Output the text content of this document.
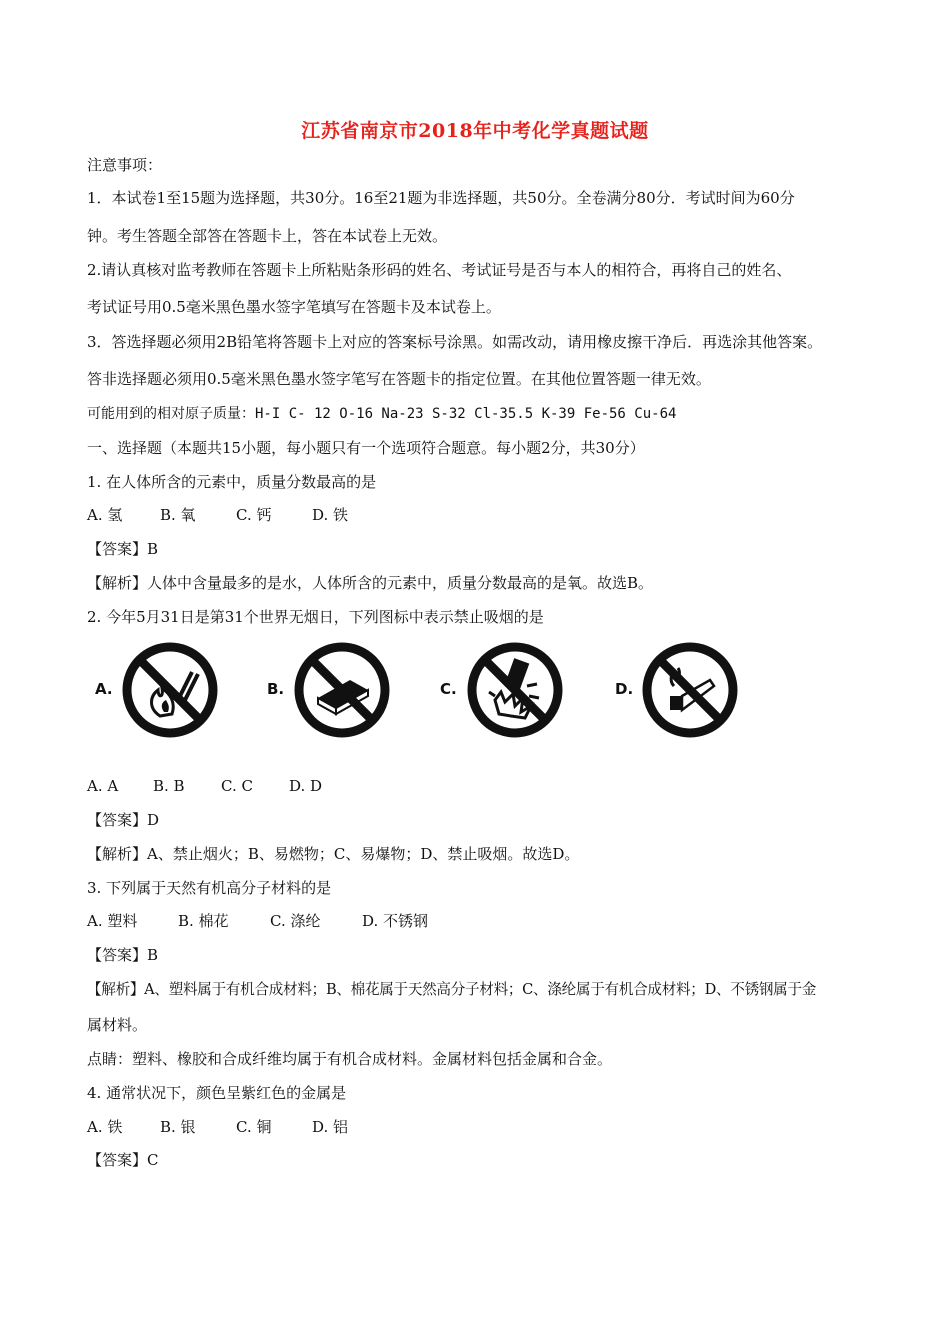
江苏省南京市2018年中考化学真题试题
注意事项：
1．本试卷1至15题为选择题，共30分。16至21题为非选择题，共50分。全卷满分80分．考试时间为60分
钟。考生答题全部答在答题卡上，答在本试卷上无效。
2.请认真核对监考教师在答题卡上所粘贴条形码的姓名、考试证号是否与本人的相符合，再将自己的姓名、
考试证号用0.5毫米黑色墨水签字笔填写在答题卡及本试卷上。
3．答选择题必须用2B铅笔将答题卡上对应的答案标号涂黑。如需改动，请用橡皮擦干净后．再选涂其他答案。
答非选择题必须用0.5毫米黑色墨水签字笔写在答题卡的指定位置。在其他位置答题一律无效。
可能用到的相对原子质量：H-I C- 12 O-16 Na-23 S-32 Cl-35.5 K-39 Fe-56 Cu-64
一、选择题（本题共15小题，每小题只有一个选项符合题意。每小题2分，共30分）
1. 在人体所含的元素中，质量分数最高的是
A. 氢	B. 氧	C. 钙	D. 铁
【答案】B
【解析】人体中含量最多的是水，人体所含的元素中，质量分数最高的是氧。故选B。
2. 今年5月31日是第31个世界无烟日，下列图标中表示禁止吸烟的是
A.	B.	C.	D.
A. A B. B C. C D. D
【答案】D
【解析】A、禁止烟火；B、易燃物；C、易爆物；D、禁止吸烟。故选D。
3. 下列属于天然有机高分子材料的是
A. 塑料	B. 棉花	C. 涤纶	D. 不锈钢
【答案】B
【解析】A、塑料属于有机合成材料；B、棉花属于天然高分子材料；C、涤纶属于有机合成材料；D、不锈钢属于金
属材料。
点睛：塑料、橡胶和合成纤维均属于有机合成材料。金属材料包括金属和合金。
4. 通常状况下，颜色呈紫红色的金属是
A. 铁	B. 银	C. 铜	D. 铝
【答案】C
